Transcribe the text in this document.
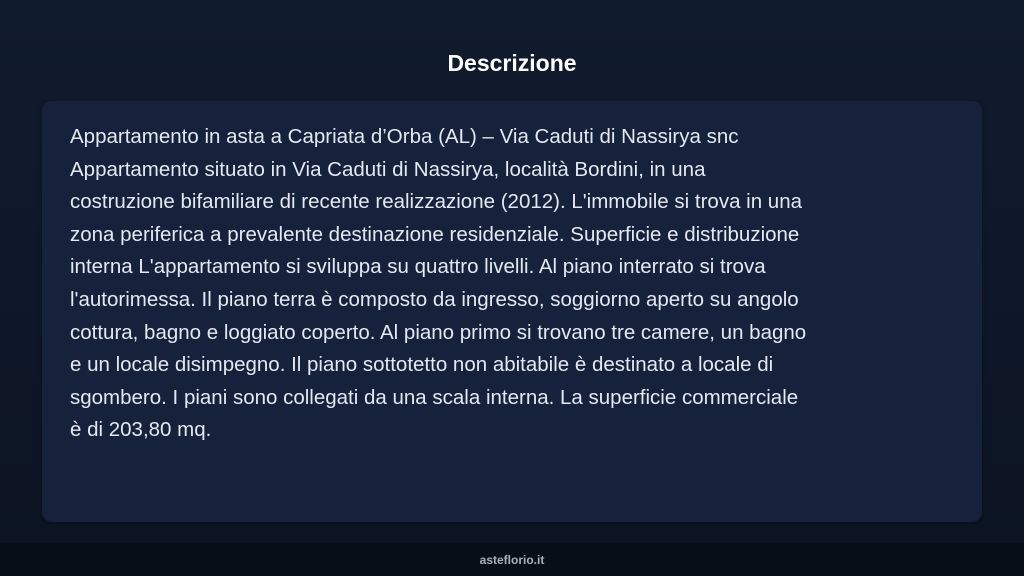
Descrizione
Appartamento in asta a Capriata d’Orba (AL) – Via Caduti di Nassirya snc
Appartamento situato in Via Caduti di Nassirya, località Bordini, in una
costruzione bifamiliare di recente realizzazione (2012). L'immobile si trova in una
zona periferica a prevalente destinazione residenziale. Superficie e distribuzione
interna L'appartamento si sviluppa su quattro livelli. Al piano interrato si trova
l'autorimessa. Il piano terra è composto da ingresso, soggiorno aperto su angolo
cottura, bagno e loggiato coperto. Al piano primo si trovano tre camere, un bagno
e un locale disimpegno. Il piano sottotetto non abitabile è destinato a locale di
sgombero. I piani sono collegati da una scala interna. La superficie commerciale
è di 203,80 mq.
asteflorio.it
